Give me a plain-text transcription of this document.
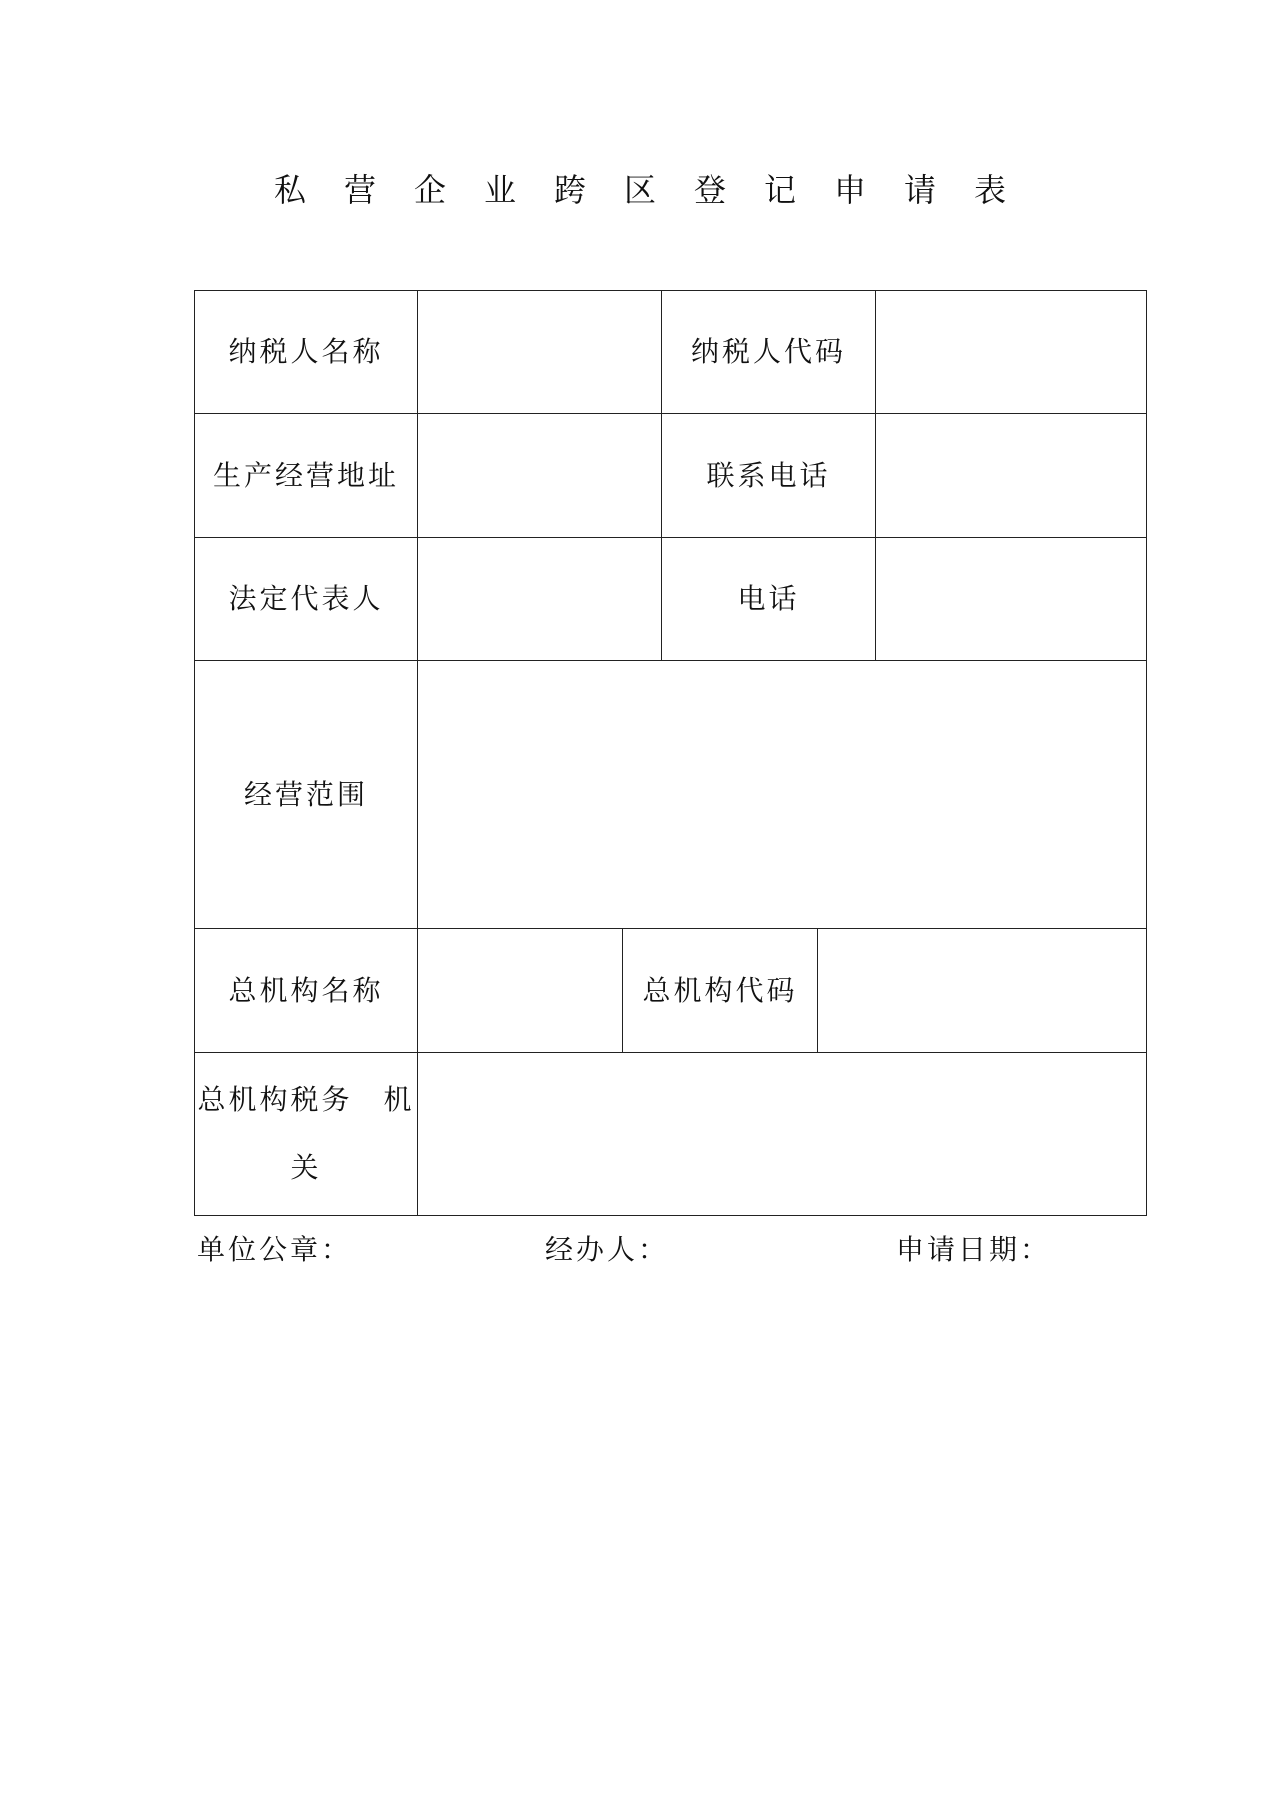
私营企业跨区登记申请表
纳税人名称	纳税人代码
生产经营地址	联系电话
法定代表人	电话
经营范围
总机构名称	总机构代码
总机构税务　机
关
单位公章：	经办人：	申请日期：
